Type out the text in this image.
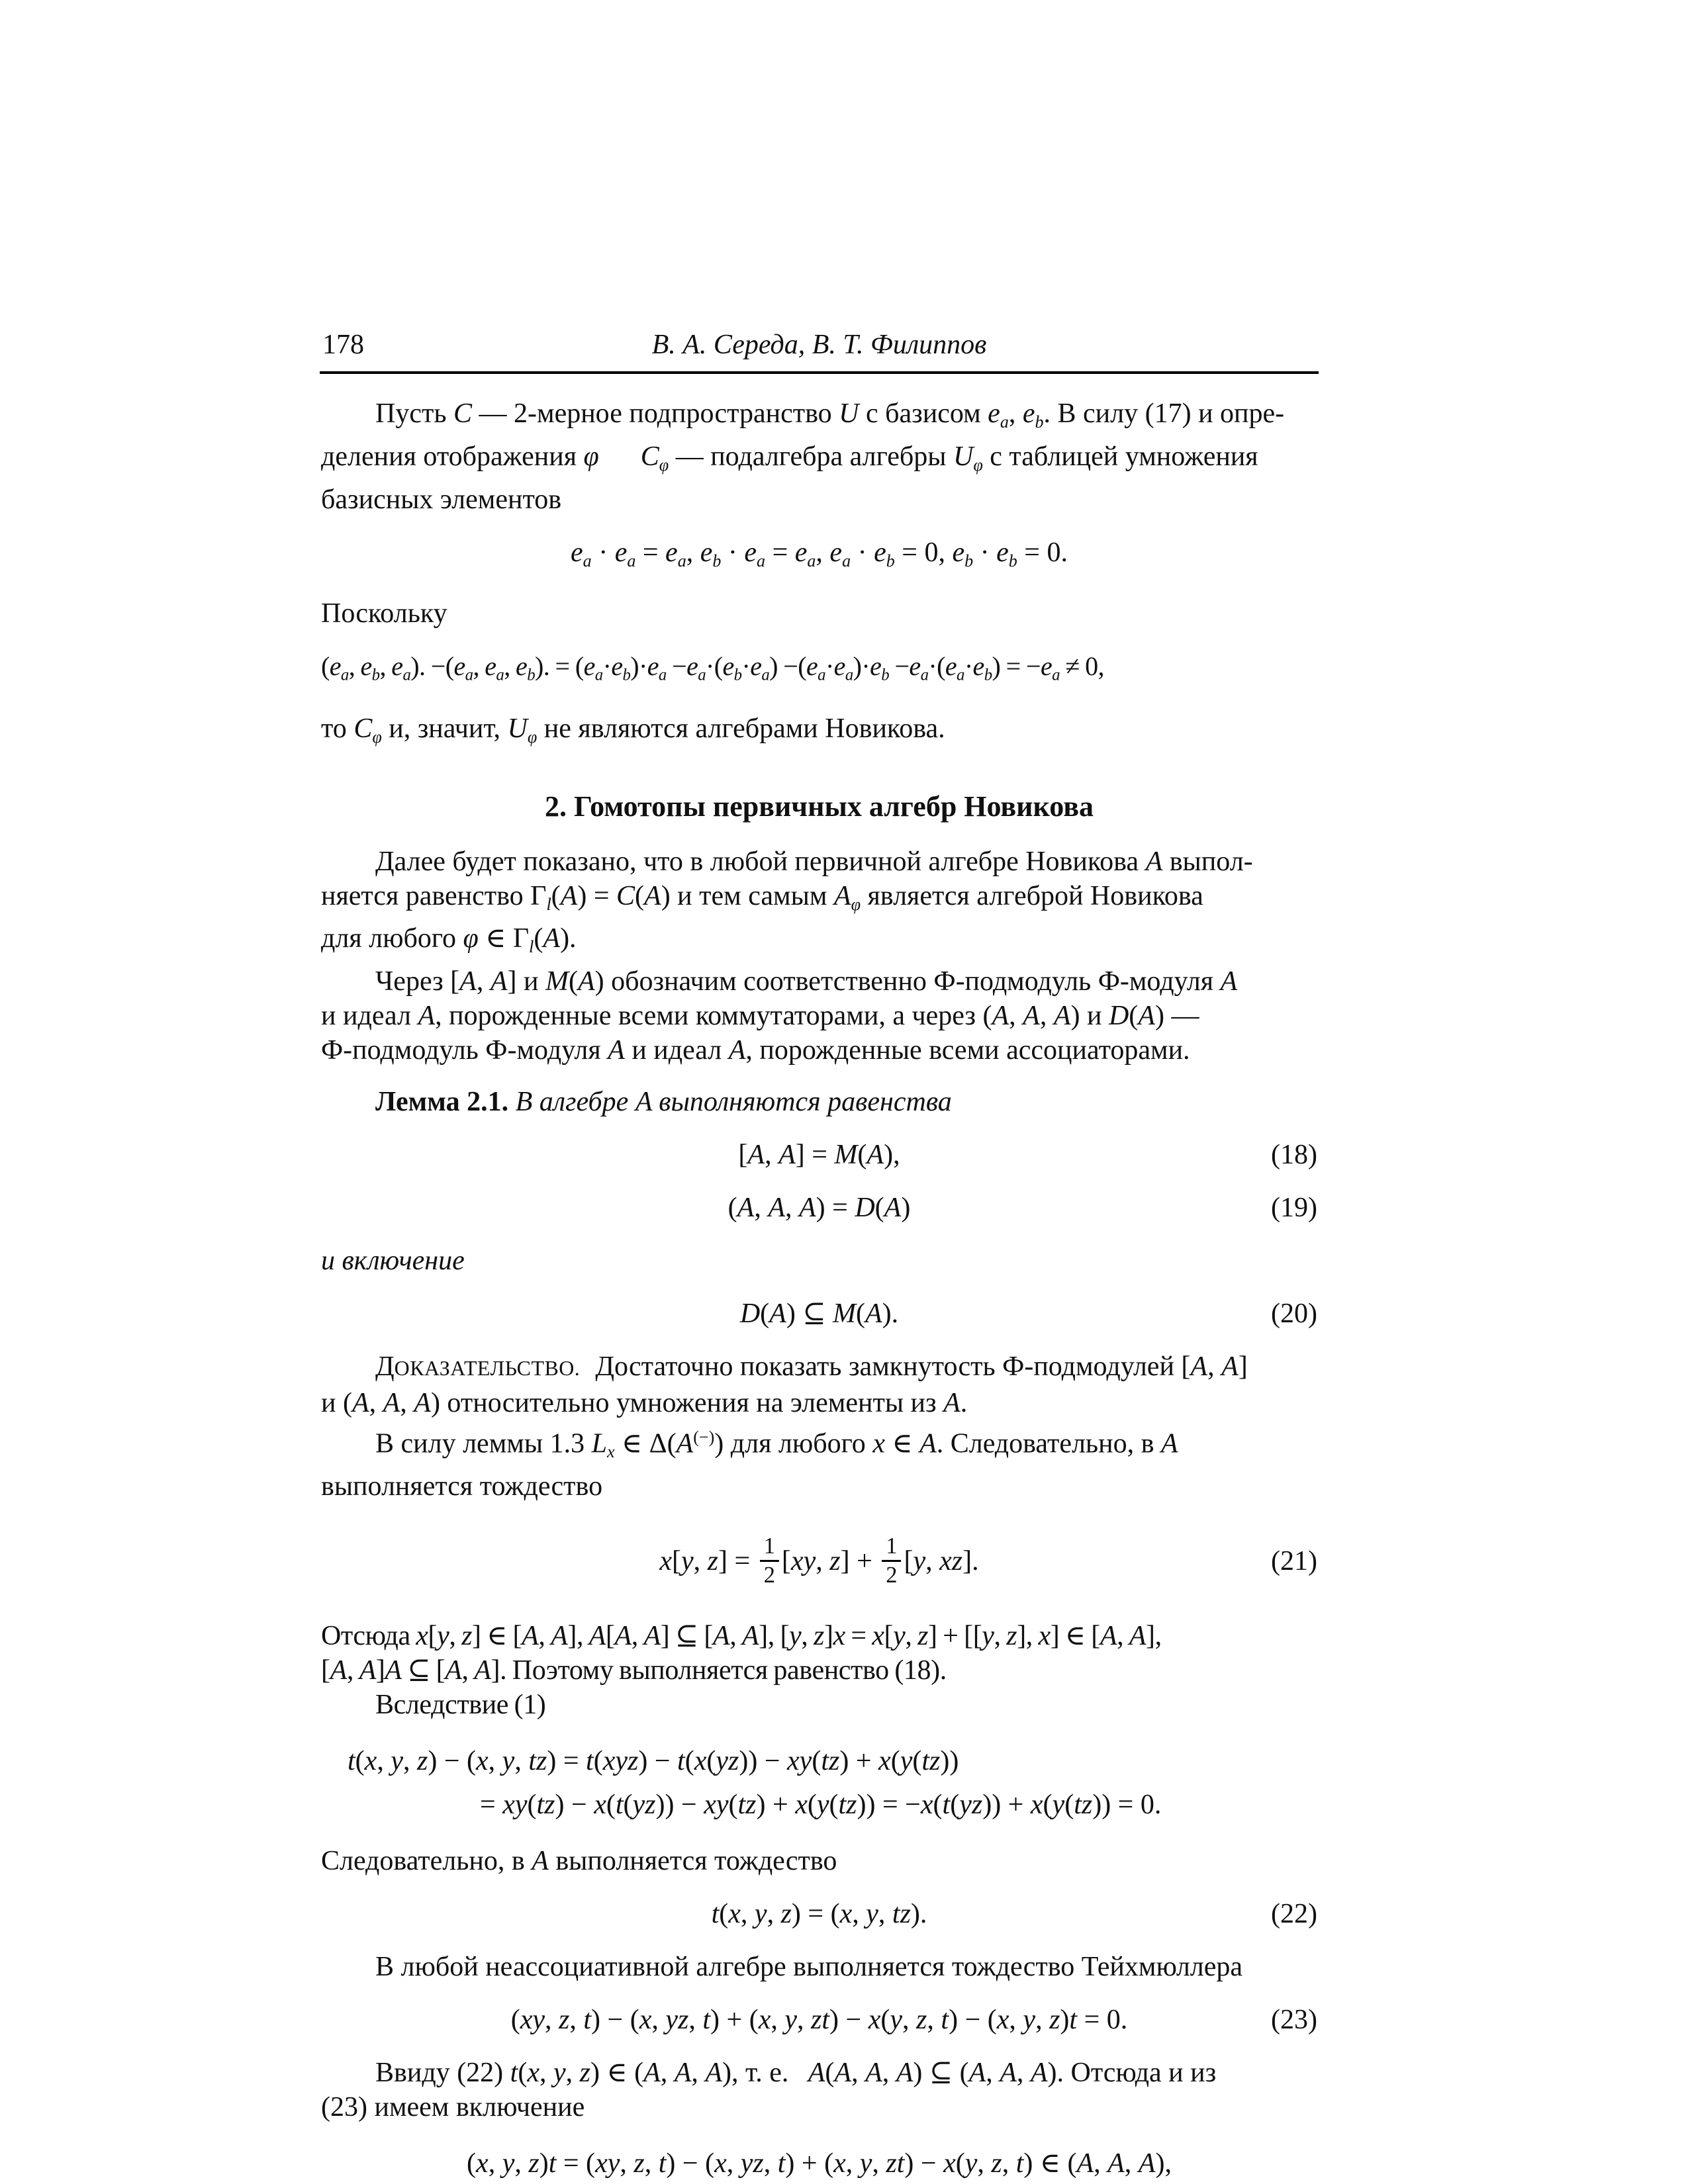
178	В. А. Середа, В. Т. Филиппов
Пусть C — 2-мерное подпространство U с базисом ea, eb. В силу (17) и опре-
деления отображения φ Cφ — подалгебра алгебры Uφ с таблицей умножения
базисных элементов
ea · ea = ea, eb · ea = ea, ea · eb = 0, eb · eb = 0.
Поскольку
(ea, eb, ea). −(ea, ea, eb). = (ea·eb)·ea −ea·(eb·ea) −(ea·ea)·eb −ea·(ea·eb) = −ea ≠ 0,
то Cφ и, значит, Uφ не являются алгебрами Новикова.
2. Гомотопы первичных алгебр Новикова
Далее будет показано, что в любой первичной алгебре Новикова A выпол-
няется равенство Γl(A) = C(A) и тем самым Aφ является алгеброй Новикова
для любого φ ∈ Γl(A).
Через [A, A] и M(A) обозначим соответственно Ф-подмодуль Ф-модуля A
и идеал A, порожденные всеми коммутаторами, а через (A, A, A) и D(A) —
Ф-подмодуль Ф-модуля A и идеал A, порожденные всеми ассоциаторами.
Лемма 2.1. В алгебре A выполняются равенства
[A, A] = M(A),	(18)
(A, A, A) = D(A)	(19)
и включение
D(A) ⊆ M(A).	(20)
ДОКАЗАТЕЛЬСТВО. Достаточно показать замкнутость Ф-подмодулей [A, A]
и (A, A, A) относительно умножения на элементы из A.
В силу леммы 1.3 Lx ∈ Δ(A(−)) для любого x ∈ A. Следовательно, в A
выполняется тождество
x[y, $z] = \frac{1}{2} [xy$, $z] + \frac{1}{2} [y$, xz].	(21)
Отсюда x[y, z] ∈ [A, A], A[A, A] ⊆ [A, A], [y, z]x = x[y, z] + [[y, z], x] ∈ [A, A],
[A, A]A ⊆ [A, A]. Поэтому выполняется равенство (18).
Вследствие (1)
t(x, y, z) − (x, y, tz) = t(xyz) − t(x(yz)) − xy(tz) + x(y(tz))
= xy(tz) − x(t(yz)) − xy(tz) + x(y(tz)) = −x(t(yz)) + x(y(tz)) = 0.
Следовательно, в A выполняется тождество
t(x, y, z) = (x, y, tz).	(22)
В любой неассоциативной алгебре выполняется тождество Тейхмюллера
(xy, z, t) − (x, yz, t) + (x, y, zt) − x(y, z, t) − (x, y, z)t = 0.	(23)
Ввиду (22) t(x, y, z) ∈ (A, A, A), т. е. A(A, A, A) ⊆ (A, A, A). Отсюда и из
(23) имеем включение
(x, y, z)t = (xy, z, t) − (x, yz, t) + (x, y, zt) − x(y, z, t) ∈ (A, A, A),
